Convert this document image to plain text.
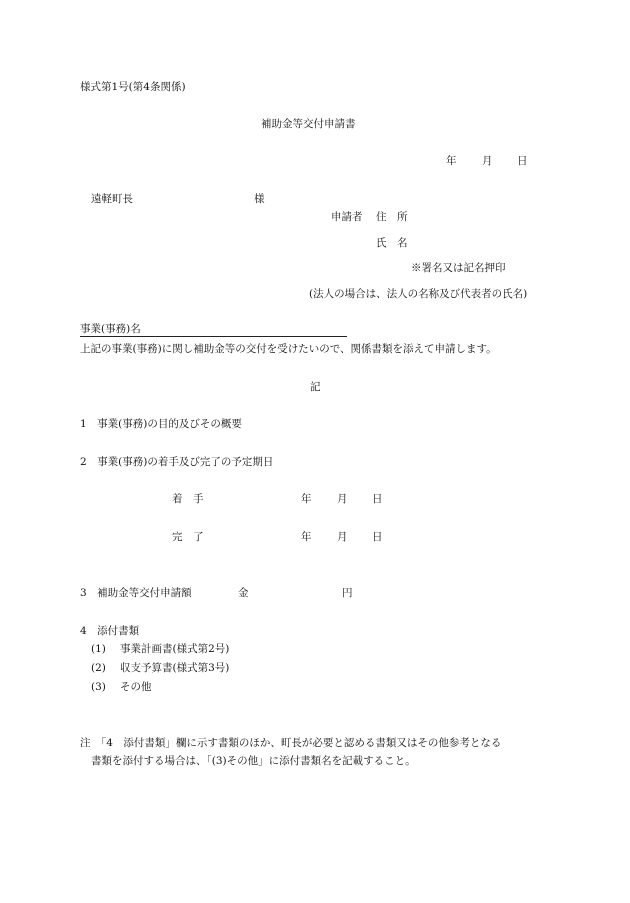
様式第1号(第4条関係)
補助金等交付申請書
年 月 日
遠軽町長	様
申請者 住　所
氏　名
※署名又は記名押印
(法人の場合は、法人の名称及び代表者の氏名)
事業(事務)名
上記の事業(事務)に関し補助金等の交付を受けたいので、関係書類を添えて申請します。
記
1　事業(事務)の目的及びその概要
2　事業(事務)の着手及び完了の予定期日
着　手	年 月 日
完　了	年 月 日
3　補助金等交付申請額	金	円
4　添付書類
(1) 事業計画書(様式第2号)
(2) 収支予算書(様式第3号)
(3) その他
注　「4　添付書類」欄に示す書類のほか、町長が必要と認める書類又はその他参考となる
書類を添付する場合は、「(3)その他」に添付書類名を記載すること。
